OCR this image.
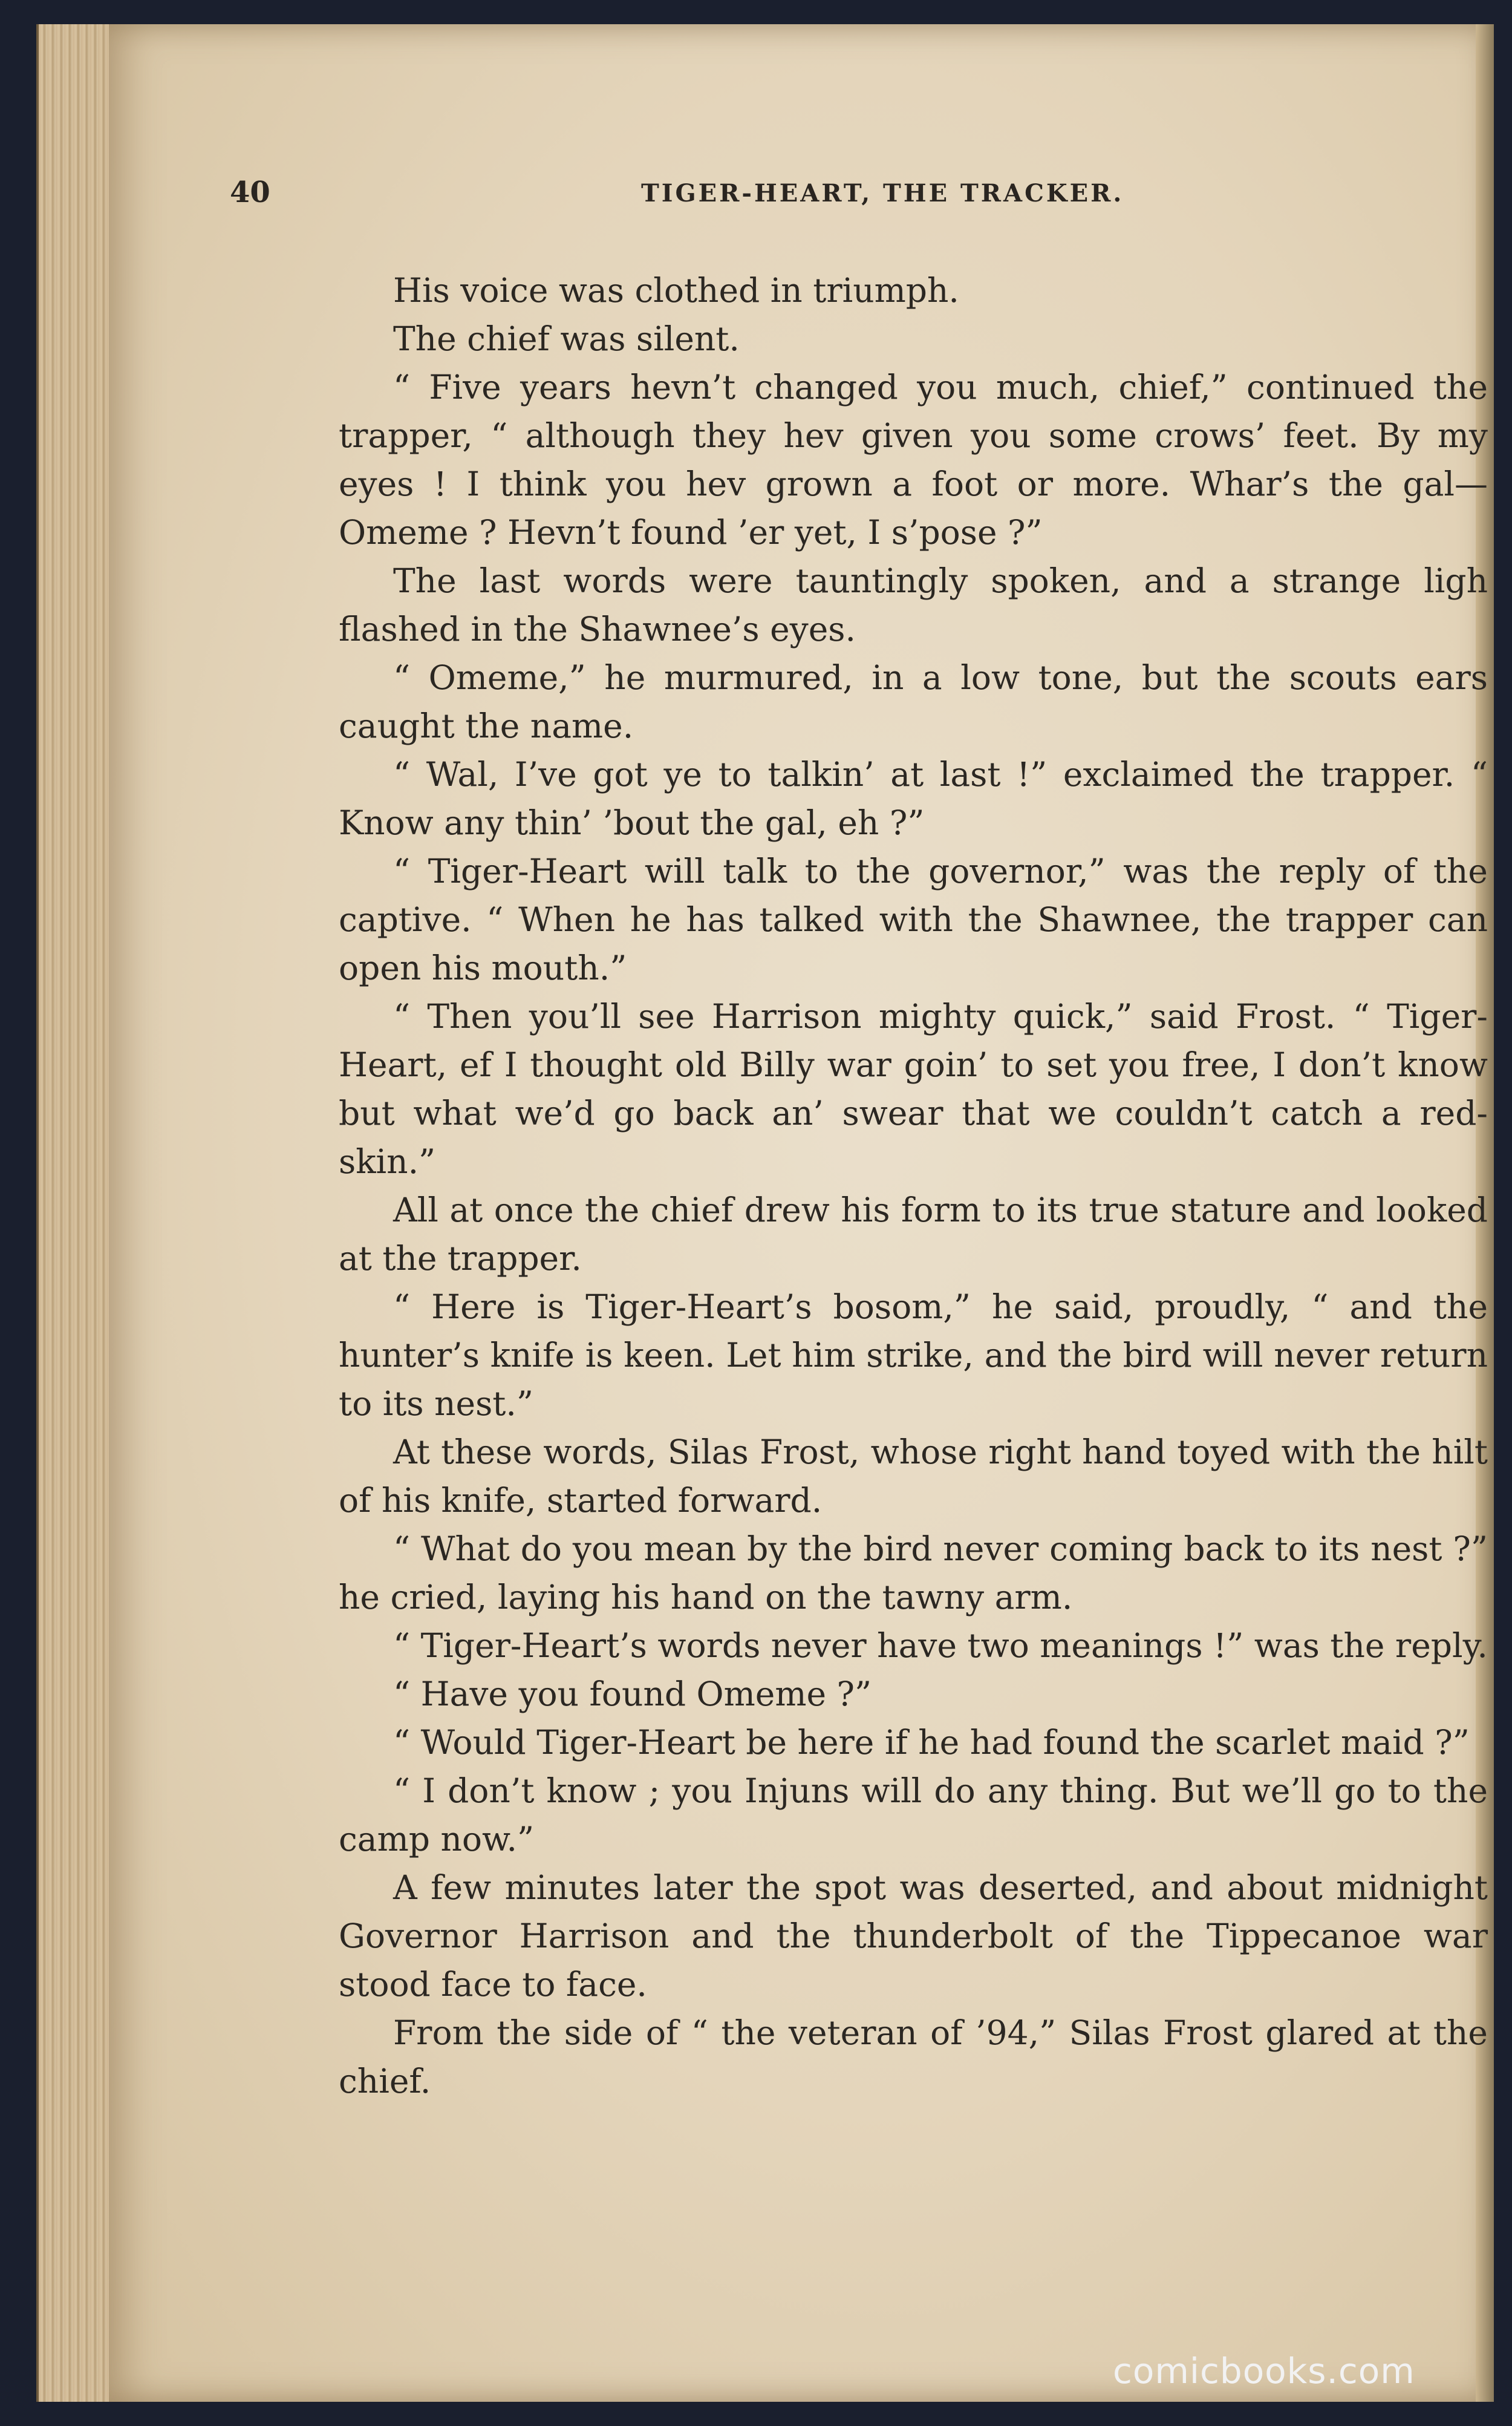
40	TIGER-HEART, THE TRACKER.

His voice was clothed in triumph.

The chief was silent.

“ Five years hevn’t changed you much, chief,” continued the trapper, “ although they hev given you some crows’ feet. By my eyes ! I think you hev grown a foot or more. Whar’s the gal—Omeme ? Hevn’t found ’er yet, I s’pose ?”

The last words were tauntingly spoken, and a strange ligh flashed in the Shawnee’s eyes.

“ Omeme,” he murmured, in a low tone, but the scouts ears caught the name.

“ Wal, I’ve got ye to talkin’ at last !” exclaimed the trapper. “ Know any thin’ ’bout the gal, eh ?”

“ Tiger-Heart will talk to the governor,” was the reply of the captive. “ When he has talked with the Shawnee, the trapper can open his mouth.”

“ Then you’ll see Harrison mighty quick,” said Frost. “ Tiger-Heart, ef I thought old Billy war goin’ to set you free, I don’t know but what we’d go back an’ swear that we couldn’t catch a red-skin.”

All at once the chief drew his form to its true stature and looked at the trapper.

“ Here is Tiger-Heart’s bosom,” he said, proudly, “ and the hunter’s knife is keen. Let him strike, and the bird will never return to its nest.”

At these words, Silas Frost, whose right hand toyed with the hilt of his knife, started forward.

“ What do you mean by the bird never coming back to its nest ?” he cried, laying his hand on the tawny arm.

“ Tiger-Heart’s words never have two meanings !” was the reply.

“ Have you found Omeme ?”

“ Would Tiger-Heart be here if he had found the scarlet maid ?”

“ I don’t know ; you Injuns will do any thing. But we’ll go to the camp now.”

A few minutes later the spot was deserted, and about midnight Governor Harrison and the thunderbolt of the Tippecanoe war stood face to face.

From the side of “ the veteran of ’94,” Silas Frost glared at the chief.

comicbooks.com
